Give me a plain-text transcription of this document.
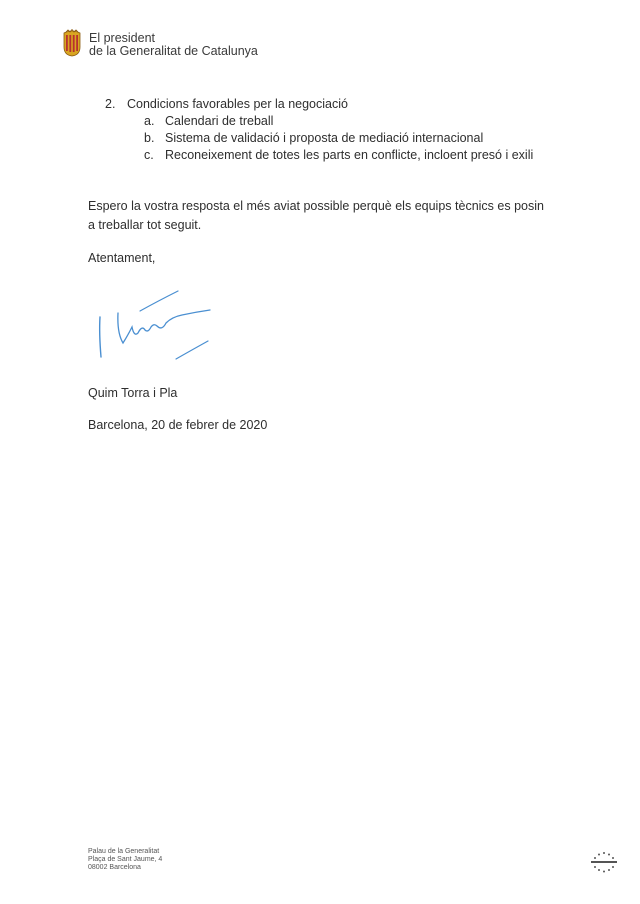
El president
de la Generalitat de Catalunya
2. Condicions favorables per la negociació
a. Calendari de treball
b. Sistema de validació i proposta de mediació internacional
c. Reconeixement de totes les parts en conflicte, incloent presó i exili
Espero la vostra resposta el més aviat possible perquè els equips tècnics es posin a treballar tot seguit.
Atentament,
Quim Torra i Pla
Barcelona, 20 de febrer de 2020
Palau de la Generalitat
Plaça de Sant Jaume, 4
08002 Barcelona
